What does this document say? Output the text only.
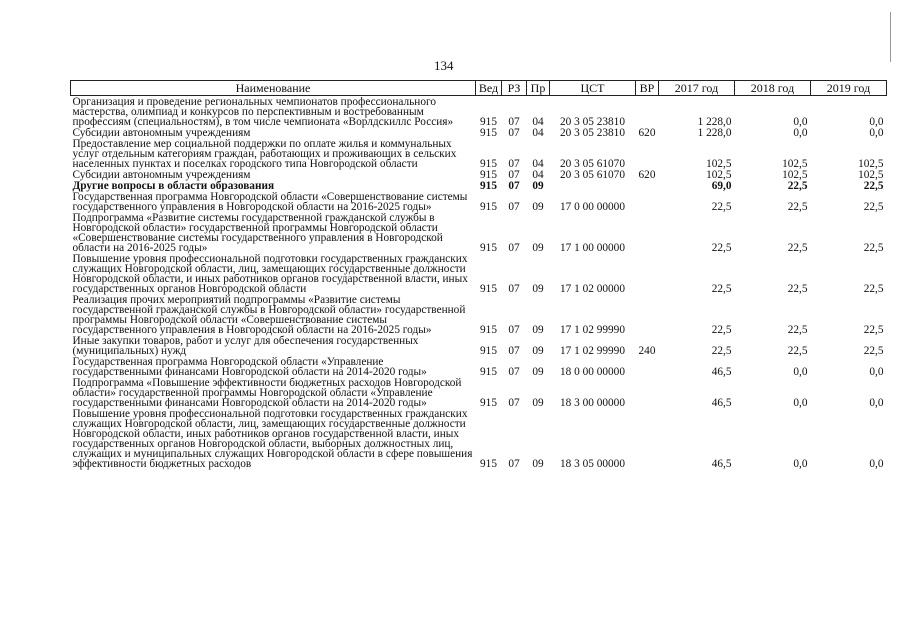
134
Наименование	Вед	РЗ	Пр	ЦСТ	ВР	2017 год	2018 год	2019 год
Организация и проведение региональных чемпионатов профессионального мастерства, олимпиад и конкурсов по перспективным и востребованным профессиям (специальностям), в том числе чемпионата «Ворлдскиллс Россия»	915	07	04	20 3 05 23810		1 228,0	0,0	0,0
Субсидии автономным учреждениям	915	07	04	20 3 05 23810	620	1 228,0	0,0	0,0
Предоставление мер социальной поддержки по оплате жилья и коммунальных услуг отдельным категориям граждан, работающих и проживающих в сельских населенных пунктах и поселках городского типа Новгородской области	915	07	04	20 3 05 61070		102,5	102,5	102,5
Субсидии автономным учреждениям	915	07	04	20 3 05 61070	620	102,5	102,5	102,5
Другие вопросы в области образования	915	07	09			69,0	22,5	22,5
Государственная программа Новгородской области «Совершенствование системы государственного управления в Новгородской области на 2016-2025 годы»	915	07	09	17 0 00 00000		22,5	22,5	22,5
Подпрограмма «Развитие системы государственной гражданской службы в Новгородской области» государственной программы Новгородской области «Совершенствование системы государственного управления в Новгородской области на 2016-2025 годы»	915	07	09	17 1 00 00000		22,5	22,5	22,5
Повышение уровня профессиональной подготовки государственных гражданских служащих Новгородской области, лиц, замещающих государственные должности Новгородской области, и иных работников органов государственной власти, иных государственных органов Новгородской области	915	07	09	17 1 02 00000		22,5	22,5	22,5
Реализация прочих мероприятий подпрограммы «Развитие системы государственной гражданской службы в Новгородской области» государственной программы Новгородской области «Совершенствование системы государственного управления в Новгородской области на 2016-2025 годы»	915	07	09	17 1 02 99990		22,5	22,5	22,5
Иные закупки товаров, работ и услуг для обеспечения государственных (муниципальных) нужд	915	07	09	17 1 02 99990	240	22,5	22,5	22,5
Государственная программа Новгородской области «Управление государственными финансами Новгородской области на 2014-2020 годы»	915	07	09	18 0 00 00000		46,5	0,0	0,0
Подпрограмма «Повышение эффективности бюджетных расходов Новгородской области» государственной программы Новгородской области «Управление государственными финансами Новгородской области на 2014-2020 годы»	915	07	09	18 3 00 00000		46,5	0,0	0,0
Повышение уровня профессиональной подготовки государственных гражданских служащих Новгородской области, лиц, замещающих государственные должности Новгородской области, иных работников органов государственной власти, иных государственных органов Новгородской области, выборных должностных лиц, служащих и муниципальных служащих Новгородской области в сфере повышения эффективности бюджетных расходов	915	07	09	18 3 05 00000		46,5	0,0	0,0
